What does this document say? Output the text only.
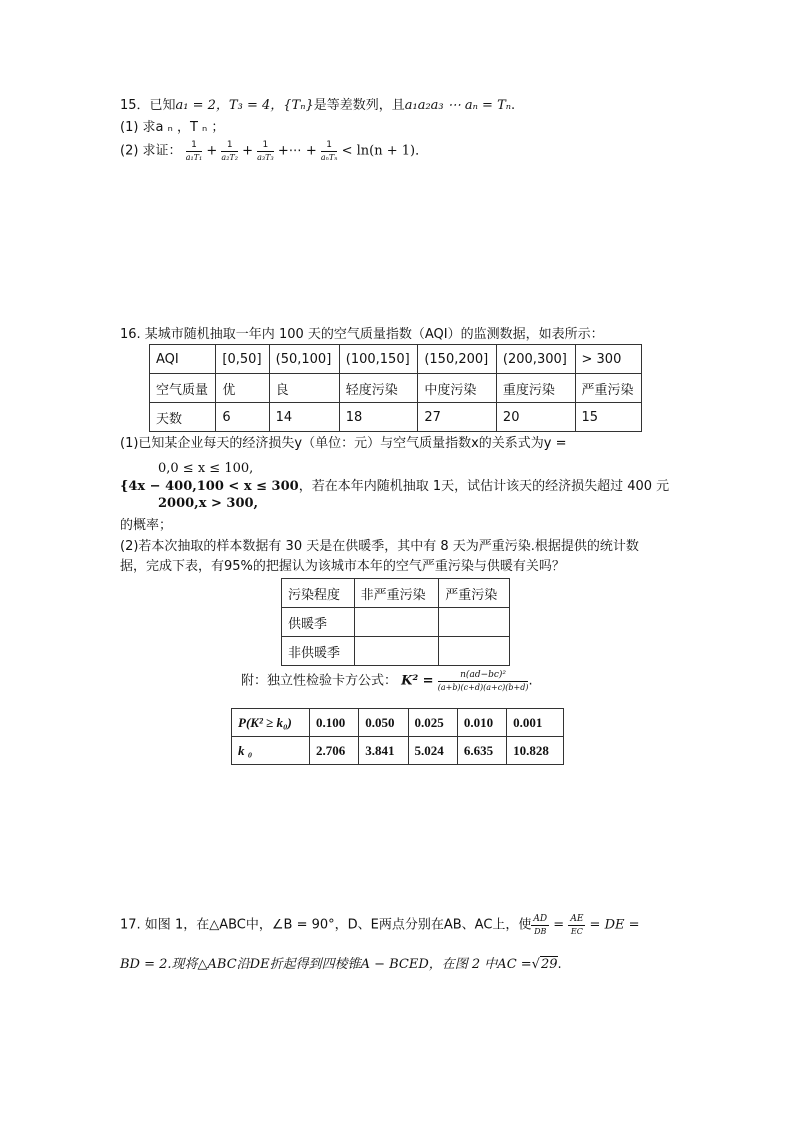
15．已知a₁ = 2，T₃ = 4，{Tₙ}是等差数列，且a₁a₂a₃ ⋯ aₙ = Tₙ.
(1) 求a ₙ ，T ₙ ；
(2) 求证： $\frac{1}{\text{a₁T₁}} + \frac{1}{\text{a₂T₂}} + \frac{1}{\text{a₃T₃}}$ +⋯ + $\frac{1}{\text{aₙTₙ}} < \ln(n + 1)$．
16. 某城市随机抽取一年内 100 天的空气质量指数（AQI）的监测数据，如表所示：
AQI	[0,50]	(50,100]	(100,150]	(150,200]	(200,300]	> 300
空气质量	优	良	轻度污染	中度污染	重度污染	严重污染
天数	6	14	18	27	20	15
(1)已知某企业每天的经济损失y（单位：元）与空气质量指数x的关系式为y =
0,0 ≤ x ≤ 100,
{4x − 400,100 < x ≤ 300，若在本年内随机抽取 1天，试估计该天的经济损失超过 400 元
2000,x > 300,
的概率；
(2)若本次抽取的样本数据有 30 天是在供暖季，其中有 8 天为严重污染.根据提供的统计数
据，完成下表，有95%的把握认为该城市本年的空气严重污染与供暖有关吗？
污染程度	非严重污染	严重污染
供暖季		
非供暖季		
附：独立性检验卡方公式： $K^2 = \frac{\text{n(ad−bc)²}}{(a+b)(c+d)(a+c)(b+d)}$ .
P(K² ≥ k₀)	0.100	0.050	0.025	0.010	0.001
k ₀	2.706	3.841	5.024	6.635	10.828
17. 如图 1，在△ABC中，∠B = 90°，D、E两点分别在AB、AC上，使 $\frac{AD}{DB} = \frac{AE}{EC}$ = DE =
BD = 2.现将△ABC沿DE折起得到四棱锥A − BCED，在图 2 中AC =√29.
